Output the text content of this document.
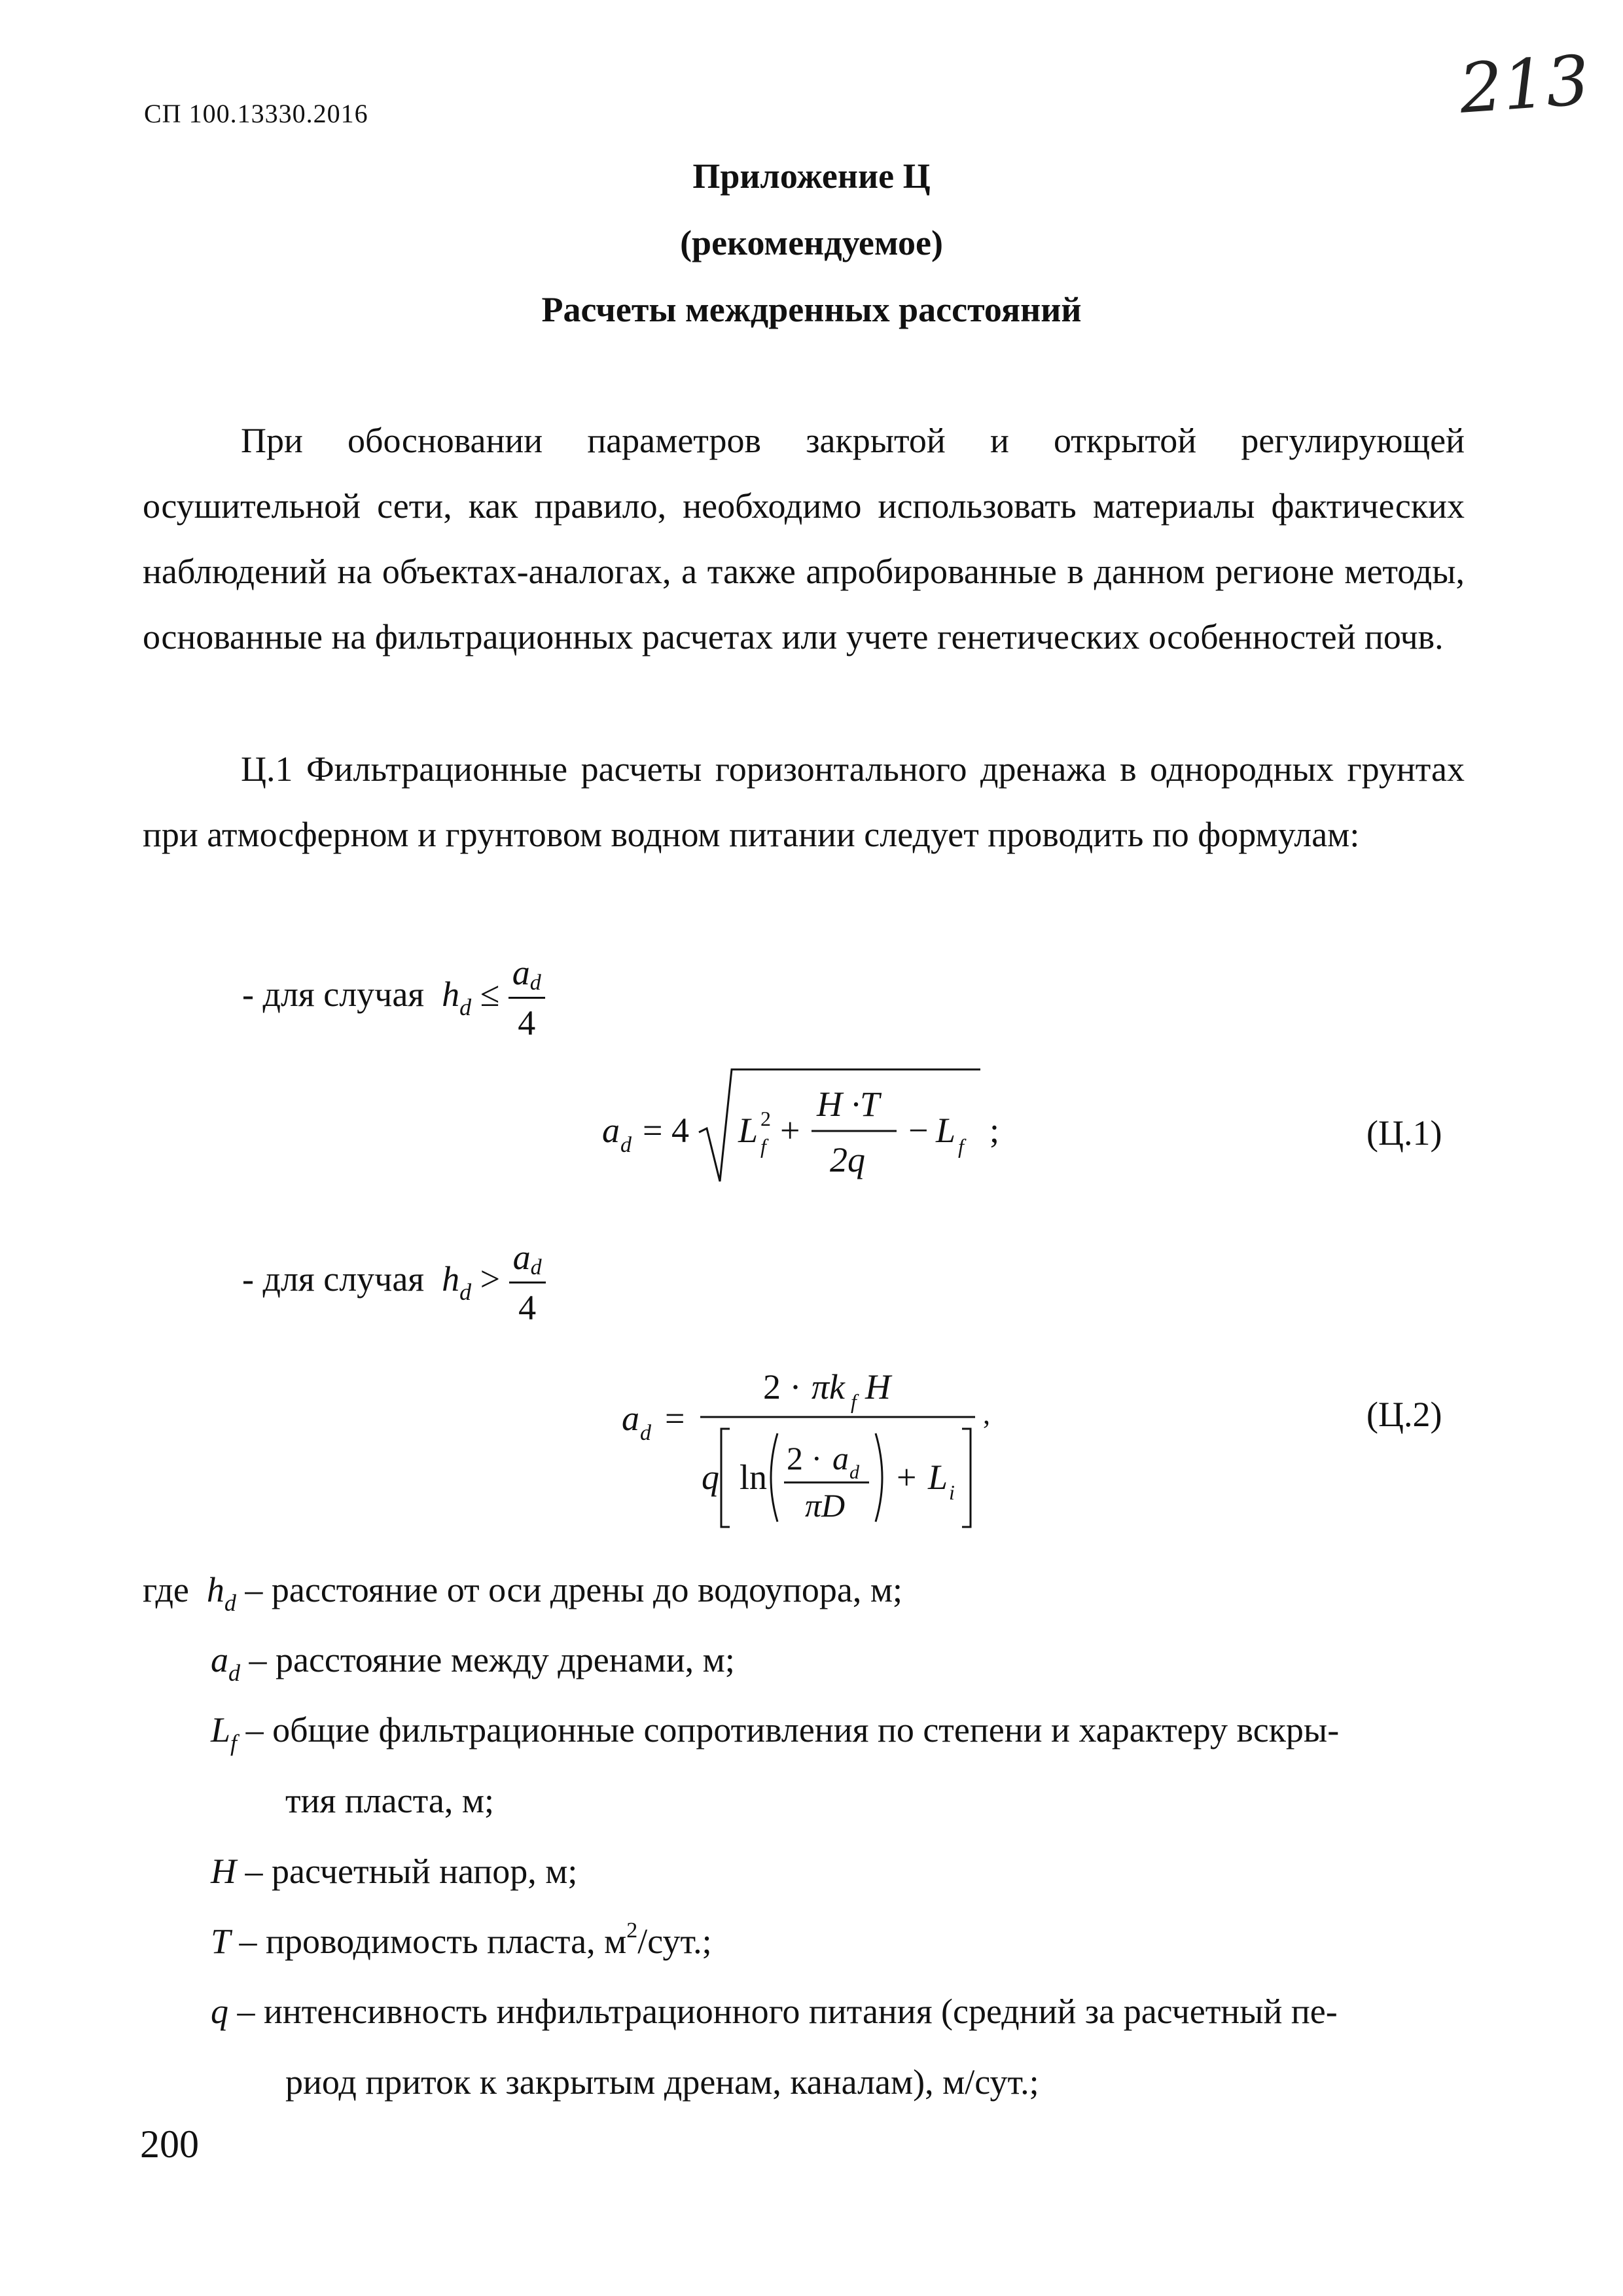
СП 100.13330.2016	213
Приложение Ц
(рекомендуемое)
Расчеты междренных расстояний
При обосновании параметров закрытой и открытой регулирующей осушительной сети, как правило, необходимо использовать материалы фактических наблюдений на объектах-аналогах, а также апробированные в данном регионе методы, основанные на фильтрационных расчетах или учете генетических особенностей почв.
Ц.1 Фильтрационные расчеты горизонтального дренажа в однородных грунтах при атмосферном и грунтовом водном питании следует проводить по формулам:
- для случая  $h_d \le \frac{ad}{4}$
a d = 4 L 2
f +
H ·T
2q
− L f ;	(Ц.1)
- для случая  $h_d > \frac{ad}{4}$
a d =
2 · πk f H
,
q ln 2 · a d
πD
+ L i
(Ц.2)
где  $h_d$ – расстояние от оси дрены до водоупора, м;
$a_d$ – расстояние между дренами, м;
$L_f$ – общие фильтрационные сопротивления по степени и характеру вскры-
тия пласта, м;
H – расчетный напор, м;
T – проводимость пласта, $м^2$/сут.;
q – интенсивность инфильтрационного питания (средний за расчетный пе-
риод приток к закрытым дренам, каналам), м/сут.;
200
